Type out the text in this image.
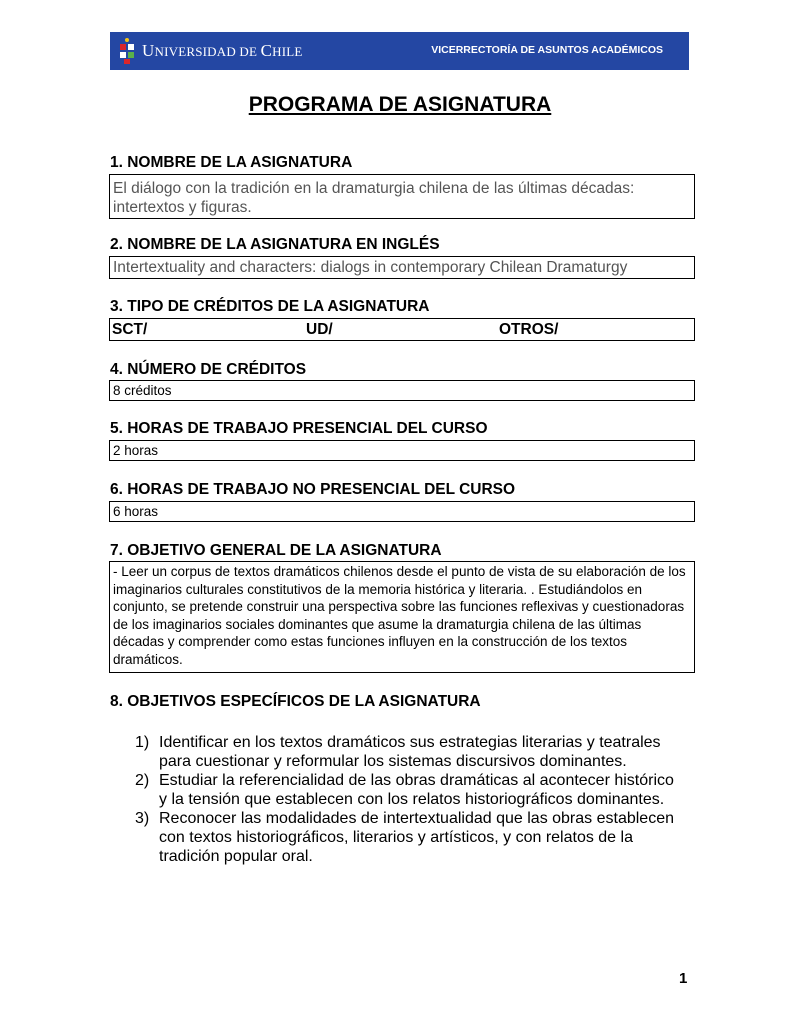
UNIVERSIDAD DE CHILE	VICERRECTORÍA DE ASUNTOS ACADÉMICOS
PROGRAMA DE ASIGNATURA
1. NOMBRE DE LA ASIGNATURA
El diálogo con la tradición en la dramaturgia chilena de las últimas décadas: intertextos y figuras.
2. NOMBRE DE LA ASIGNATURA EN INGLÉS
Intertextuality and characters: dialogs in contemporary Chilean Dramaturgy
3. TIPO DE CRÉDITOS DE LA ASIGNATURA
SCT/	UD/	OTROS/
4. NÚMERO DE CRÉDITOS
8 créditos
5. HORAS DE TRABAJO PRESENCIAL DEL CURSO
2 horas
6. HORAS DE TRABAJO NO PRESENCIAL DEL CURSO
6 horas
7. OBJETIVO GENERAL DE LA ASIGNATURA
- Leer un corpus de textos dramáticos chilenos desde el punto de vista de su elaboración de los imaginarios culturales constitutivos de la memoria histórica y literaria. . Estudiándolos en conjunto, se pretende construir una perspectiva sobre las funciones reflexivas y cuestionadoras de los imaginarios sociales dominantes que asume la dramaturgia chilena de las últimas décadas y comprender como estas funciones influyen en la construcción de los textos dramáticos.
8. OBJETIVOS ESPECÍFICOS DE LA ASIGNATURA
1) Identificar en los textos dramáticos sus estrategias literarias y teatrales para cuestionar y reformular los sistemas discursivos dominantes.
2) Estudiar la referencialidad de las obras dramáticas al acontecer histórico y la tensión que establecen con los relatos historiográficos dominantes.
3) Reconocer las modalidades de intertextualidad que las obras establecen con textos historiográficos, literarios y artísticos, y con relatos de la tradición popular oral.
1
